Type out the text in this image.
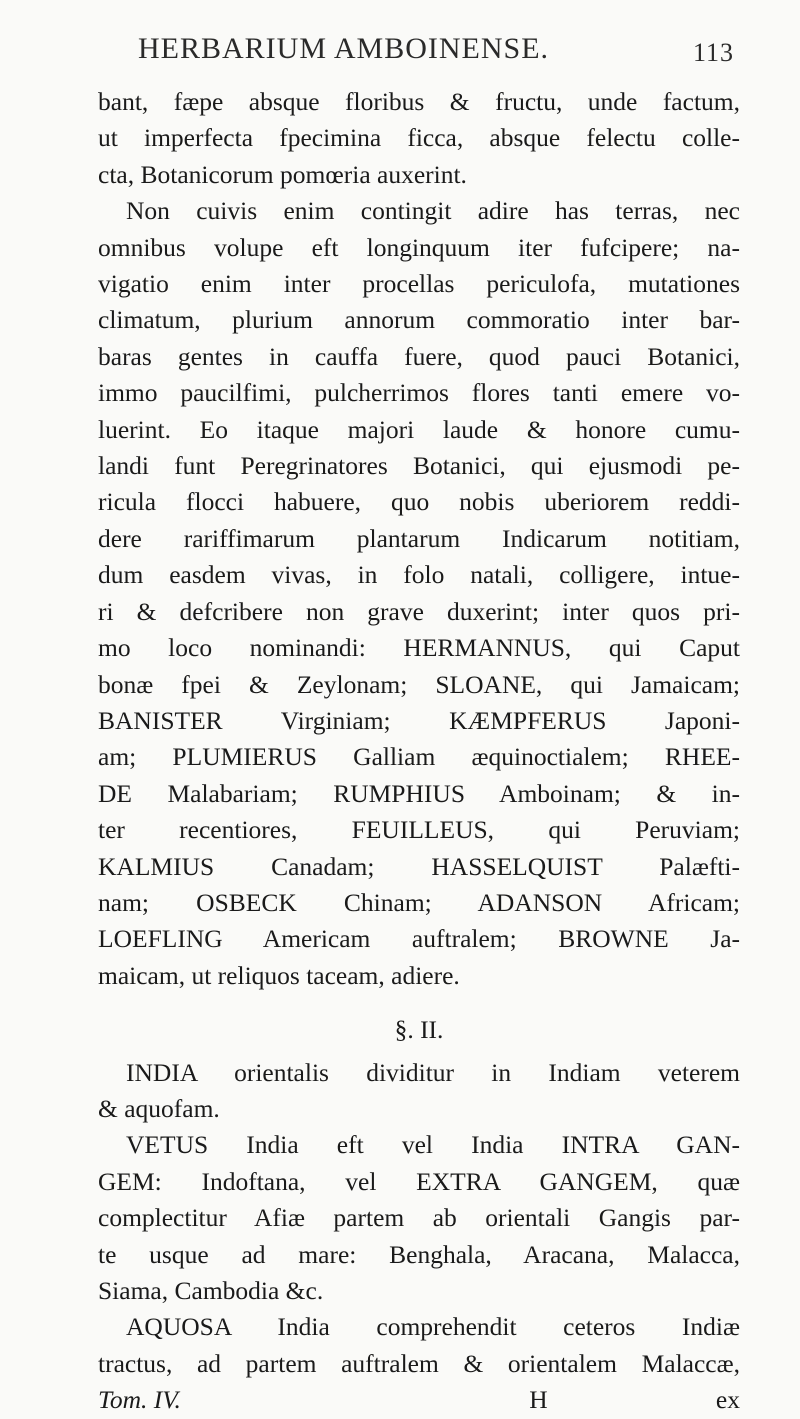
HERBARIUM AMBOINENSE.	113

bant, fæpe absque floribus & fructu, unde factum,
ut imperfecta fpecimina ficca, absque felectu colle-
cta, Botanicorum pomœria auxerint.

Non cuivis enim contingit adire has terras, nec
omnibus volupe eft longinquum iter fufcipere; na-
vigatio enim inter procellas periculofa, mutationes
climatum, plurium annorum commoratio inter bar-
baras gentes in cauffa fuere, quod pauci Botanici,
immo paucilfimi, pulcherrimos flores tanti emere vo-
luerint. Eo itaque majori laude & honore cumu-
landi funt Peregrinatores Botanici, qui ejusmodi pe-
ricula flocci habuere, quo nobis uberiorem reddi-
dere rariffimarum plantarum Indicarum notitiam,
dum easdem vivas, in folo natali, colligere, intue-
ri & defcribere non grave duxerint; inter quos pri-
mo loco nominandi: HERMANNUS, qui Caput
bonæ fpei & Zeylonam; SLOANE, qui Jamaicam;
BANISTER Virginiam; KÆMPFERUS Japoni-
am; PLUMIERUS Galliam æquinoctialem; RHEE-
DE Malabariam; RUMPHIUS Amboinam; & in-
ter recentiores, FEUILLEUS, qui Peruviam;
KALMIUS Canadam; HASSELQUIST Palæfti-
nam; OSBECK Chinam; ADANSON Africam;
LOEFLING Americam auftralem; BROWNE Ja-
maicam, ut reliquos taceam, adiere.

§. II.

INDIA orientalis dividitur in Indiam veterem
& aquofam.

VETUS India eft vel India INTRA GAN-
GEM: Indoftana, vel EXTRA GANGEM, quæ
complectitur Afiæ partem ab orientali Gangis par-
te usque ad mare: Benghala, Aracana, Malacca,
Siama, Cambodia &c.

AQUOSA India comprehendit ceteros Indiæ
tractus, ad partem auftralem & orientalem Malaccæ,

Tom. IV.	H	ex
